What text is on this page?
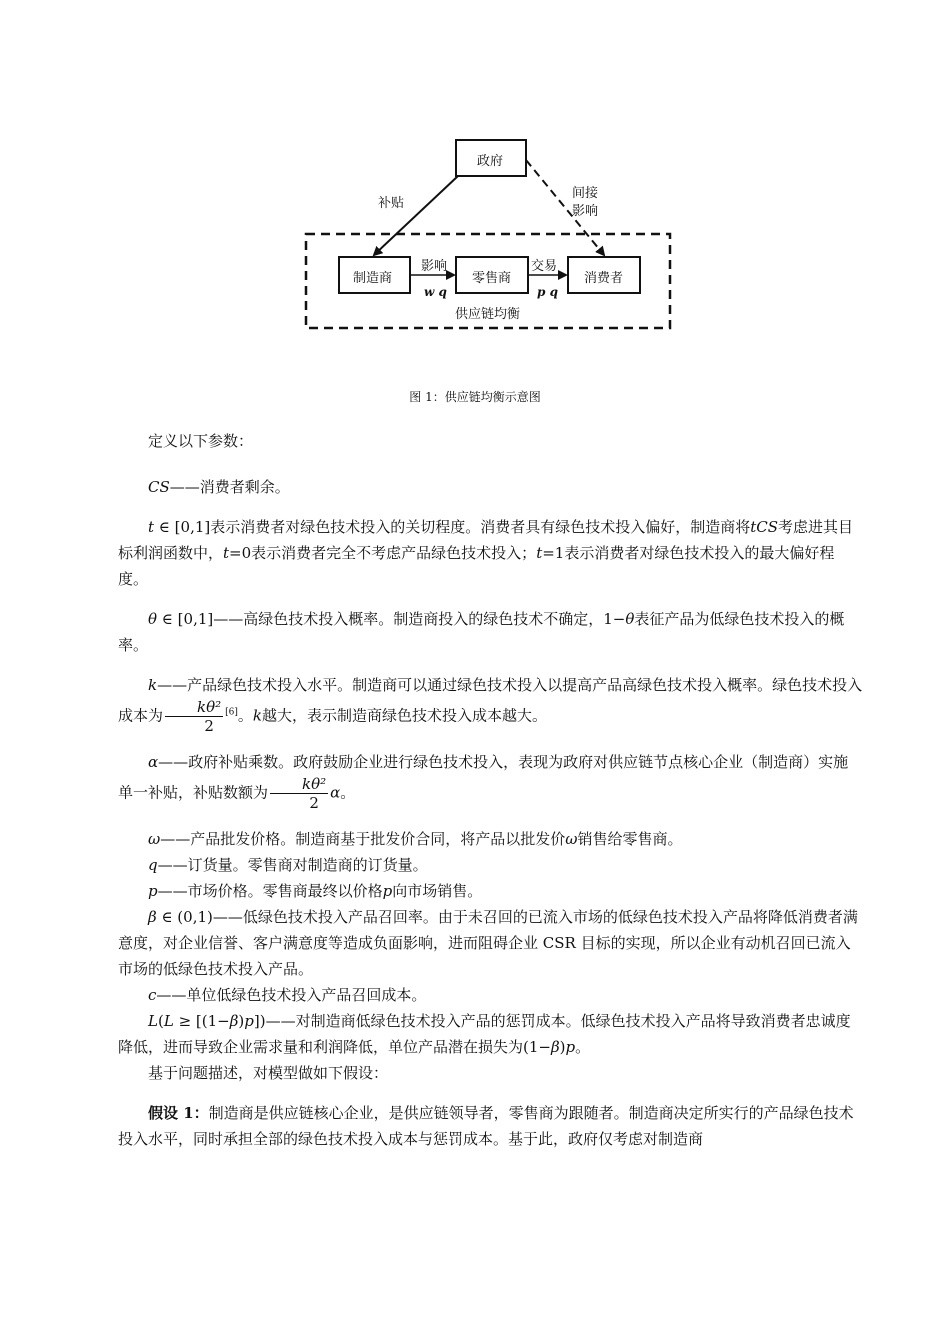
政府
制造商	零售商	消费者
补贴
间接
影响
影响	交易
w q	p q
供应链均衡
图 1：供应链均衡示意图

定义以下参数：

CS——消费者剩余。

t ∈ [0,1]表示消费者对绿色技术投入的关切程度。消费者具有绿色技术投入偏好，制造商将tCS考虑进其目标利润函数中，t=0表示消费者完全不考虑产品绿色技术投入；t=1表示消费者对绿色技术投入的最大偏好程度。

θ ∈ [0,1]——高绿色技术投入概率。制造商投入的绿色技术不确定，1−θ表征产品为低绿色技术投入的概率。

k——产品绿色技术投入水平。制造商可以通过绿色技术投入以提高产品高绿色技术投入概率。绿色技术投入成本为 $\frac{\text{kθ²}}{2} [6]$。k越大，表示制造商绿色技术投入成本越大。

α——政府补贴乘数。政府鼓励企业进行绿色技术投入，表现为政府对供应链节点核心企业（制造商）实施单一补贴，补贴数额为 $\frac{\text{kθ²}}{2}$ α。

ω——产品批发价格。制造商基于批发价合同，将产品以批发价ω销售给零售商。

q——订货量。零售商对制造商的订货量。

p——市场价格。零售商最终以价格p向市场销售。

β ∈ (0,1)——低绿色技术投入产品召回率。由于未召回的已流入市场的低绿色技术投入产品将降低消费者满意度，对企业信誉、客户满意度等造成负面影响，进而阻碍企业 CSR 目标的实现，所以企业有动机召回已流入市场的低绿色技术投入产品。

c——单位低绿色技术投入产品召回成本。

L(L ≥ [(1−β)p])——对制造商低绿色技术投入产品的惩罚成本。低绿色技术投入产品将导致消费者忠诚度降低，进而导致企业需求量和利润降低，单位产品潜在损失为(1−β)p。

基于问题描述，对模型做如下假设：

假设 1：制造商是供应链核心企业，是供应链领导者，零售商为跟随者。制造商决定所实行的产品绿色技术投入水平，同时承担全部的绿色技术投入成本与惩罚成本。基于此，政府仅考虑对制造商
